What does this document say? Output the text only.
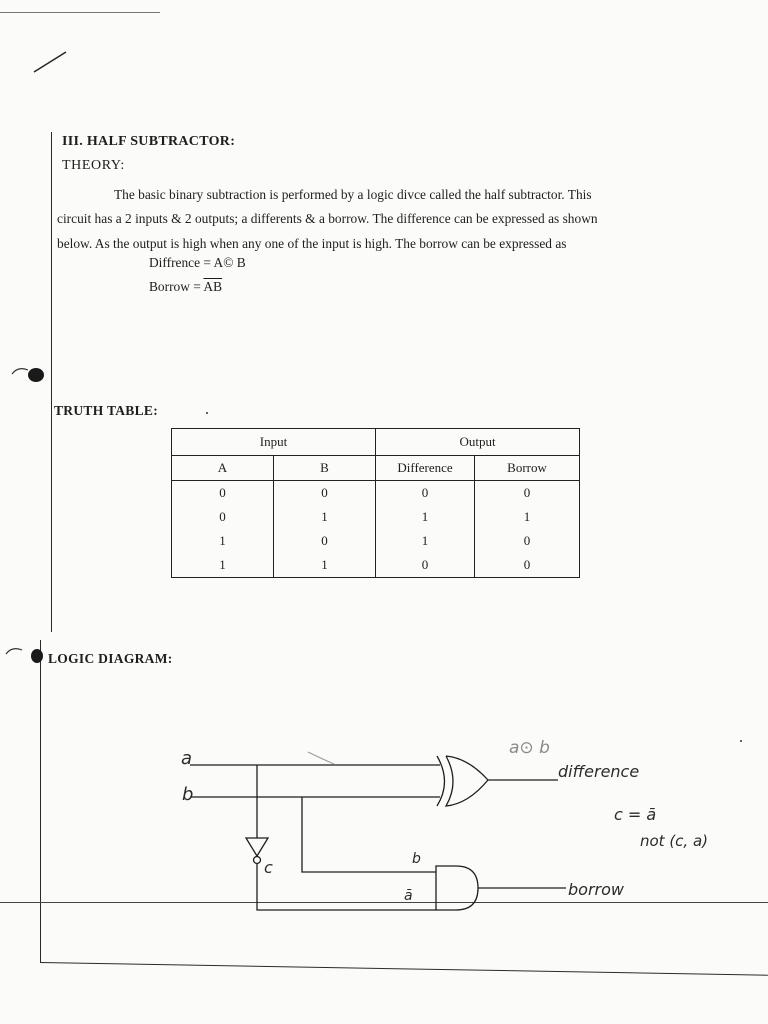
III. HALF SUBTRACTOR:
THEORY:
The basic binary subtraction is performed by a logic divce called the half subtractor. This
circuit has a 2 inputs & 2 outputs; a differents & a borrow. The difference can be expressed as shown
below. As the output is high when any one of the input is high. The borrow can be expressed as
Diffrence = A© B
Borrow = $\overline{AB}$
TRUTH TABLE:
Input		Output	
A	B	Difference	Borrow
0	0	0	0
0	1	1	1
1	0	1	0
1	1	0	0
LOGIC DIAGRAM:
a
b
a⊙ b
difference
c
c = ā
not (c, a)
b
ā	borrow
